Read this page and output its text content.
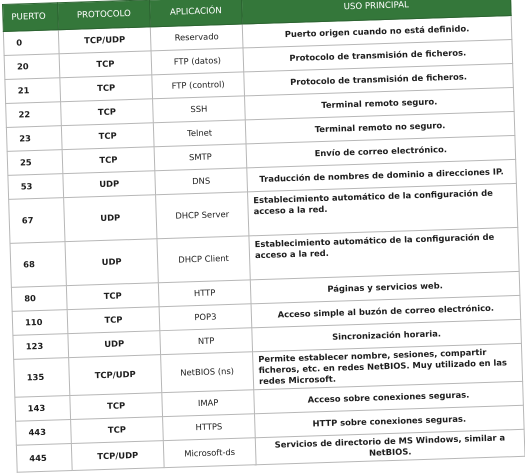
PUERTO	PROTOCOLO	APLICACIÓN	USO PRINCIPAL
0	TCP/UDP	Reservado	Puerto origen cuando no está definido.
20	TCP	FTP (datos)	Protocolo de transmisión de ficheros.
21	TCP	FTP (control)	Protocolo de transmisión de ficheros.
22	TCP	SSH	Terminal remoto seguro.
23	TCP	Telnet	Terminal remoto no seguro.
25	TCP	SMTP	Envío de correo electrónico.
53	UDP	DNS	Traducción de nombres de dominio a direcciones IP.
67	UDP	DHCP Server	Establecimiento automático de la configuración de acceso a la red.
68	UDP	DHCP Client	Establecimiento automático de la configuración de acceso a la red.
80	TCP	HTTP	Páginas y servicios web.
110	TCP	POP3	Acceso simple al buzón de correo electrónico.
123	UDP	NTP	Sincronización horaria.
135	TCP/UDP	NetBIOS (ns)	Permite establecer nombre, sesiones, compartir ficheros, etc. en redes NetBIOS. Muy utilizado en las redes Microsoft.
143	TCP	IMAP	Acceso sobre conexiones seguras.
443	TCP	HTTPS	HTTP sobre conexiones seguras.
445	TCP/UDP	Microsoft-ds	Servicios de directorio de MS Windows, similar a NetBIOS.
